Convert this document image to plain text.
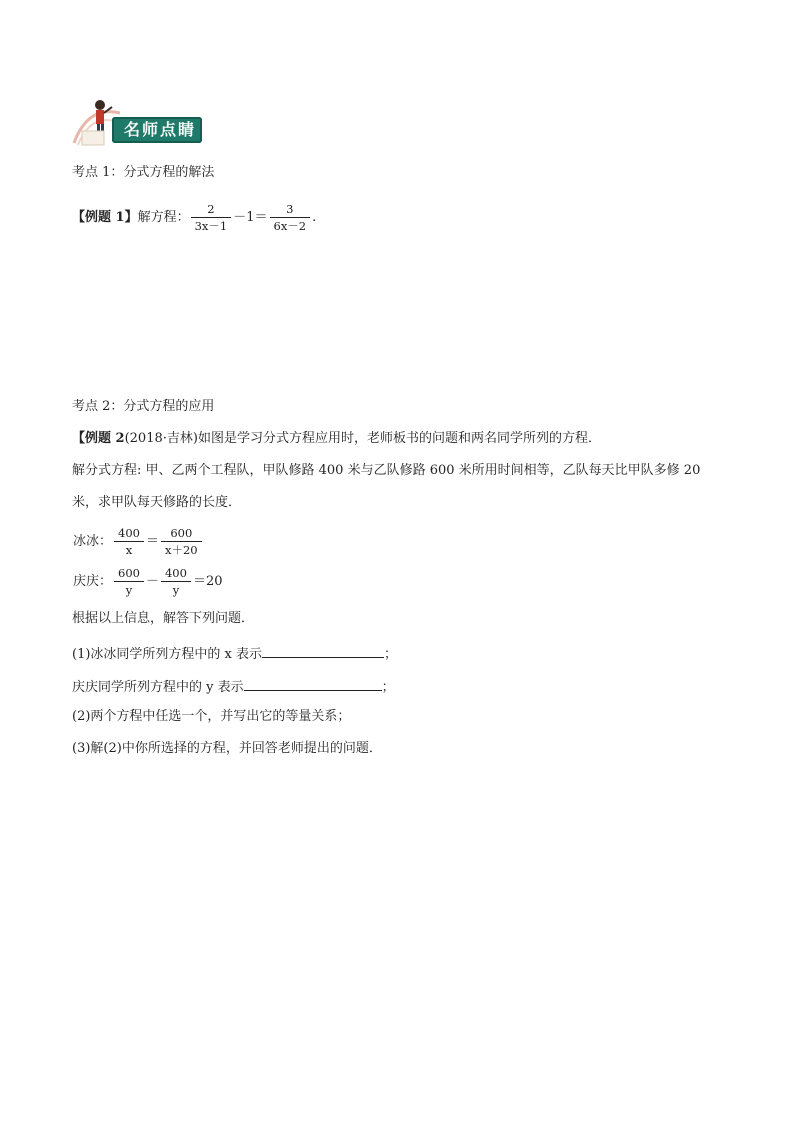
名师点睛
考点 1：分式方程的解法
【例题 1】解方程： $\frac{2}{3x-1} -1= \frac{3}{6x-2}$ .
考点 2：分式方程的应用
【例题 2(2018·吉林)如图是学习分式方程应用时，老师板书的问题和两名同学所列的方程．
解分式方程: 甲、乙两个工程队，甲队修路 400 米与乙队修路 600 米所用时间相等，乙队每天比甲队多修 20
米，求甲队每天修路的长度．
冰冰： $\frac{400}{x} = \frac{600}{x+20}$
庆庆： $\frac{600}{y} - \frac{400}{y} =20$
根据以上信息，解答下列问题．
(1)冰冰同学所列方程中的 x 表示	；
庆庆同学所列方程中的 y 表示	；
(2)两个方程中任选一个，并写出它的等量关系；
(3)解(2)中你所选择的方程，并回答老师提出的问题．
